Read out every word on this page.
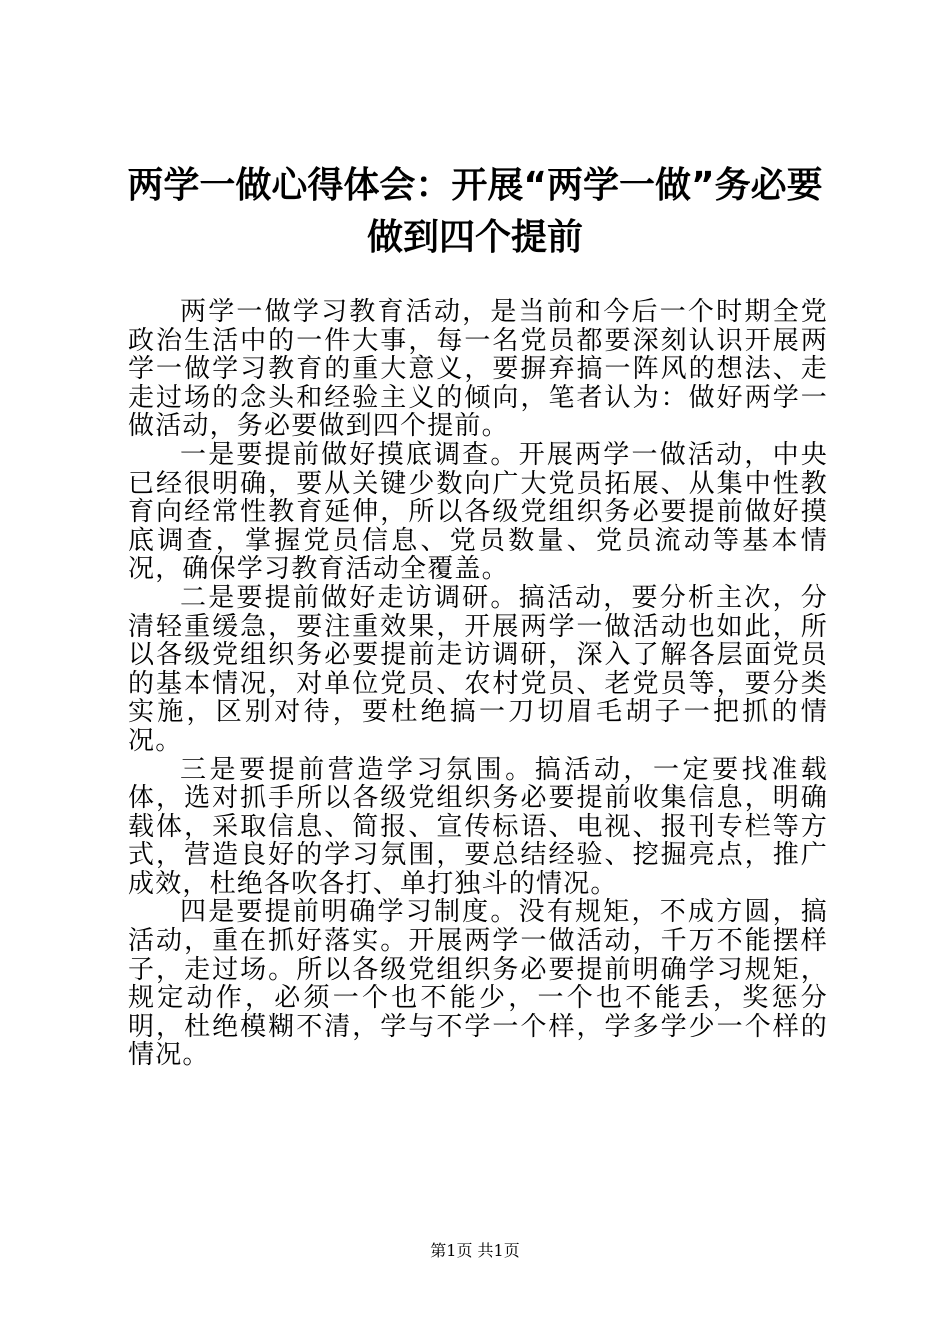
两学一做心得体会：开展“两学一做”务必要
做到四个提前

两学一做学习教育活动，是当前和今后一个时期全党政治生活中的一件大事，每一名党员都要深刻认识开展两学一做学习教育的重大意义，要摒弃搞一阵风的想法、走走过场的念头和经验主义的倾向，笔者认为：做好两学一做活动，务必要做到四个提前。

一是要提前做好摸底调查。开展两学一做活动，中央已经很明确，要从关键少数向广大党员拓展、从集中性教育向经常性教育延伸，所以各级党组织务必要提前做好摸底调查，掌握党员信息、党员数量、党员流动等基本情况，确保学习教育活动全覆盖。

二是要提前做好走访调研。搞活动，要分析主次，分清轻重缓急，要注重效果，开展两学一做活动也如此，所以各级党组织务必要提前走访调研，深入了解各层面党员的基本情况，对单位党员、农村党员、老党员等，要分类实施，区别对待，要杜绝搞一刀切眉毛胡子一把抓的情况。

三是要提前营造学习氛围。搞活动，一定要找准载体，选对抓手所以各级党组织务必要提前收集信息，明确载体，采取信息、简报、宣传标语、电视、报刊专栏等方式，营造良好的学习氛围，要总结经验、挖掘亮点，推广成效，杜绝各吹各打、单打独斗的情况。

四是要提前明确学习制度。没有规矩，不成方圆，搞活动，重在抓好落实。开展两学一做活动，千万不能摆样子，走过场。所以各级党组织务必要提前明确学习规矩，规定动作，必须一个也不能少，一个也不能丢，奖惩分明，杜绝模糊不清，学与不学一个样，学多学少一个样的情况。

第1页 共1页
